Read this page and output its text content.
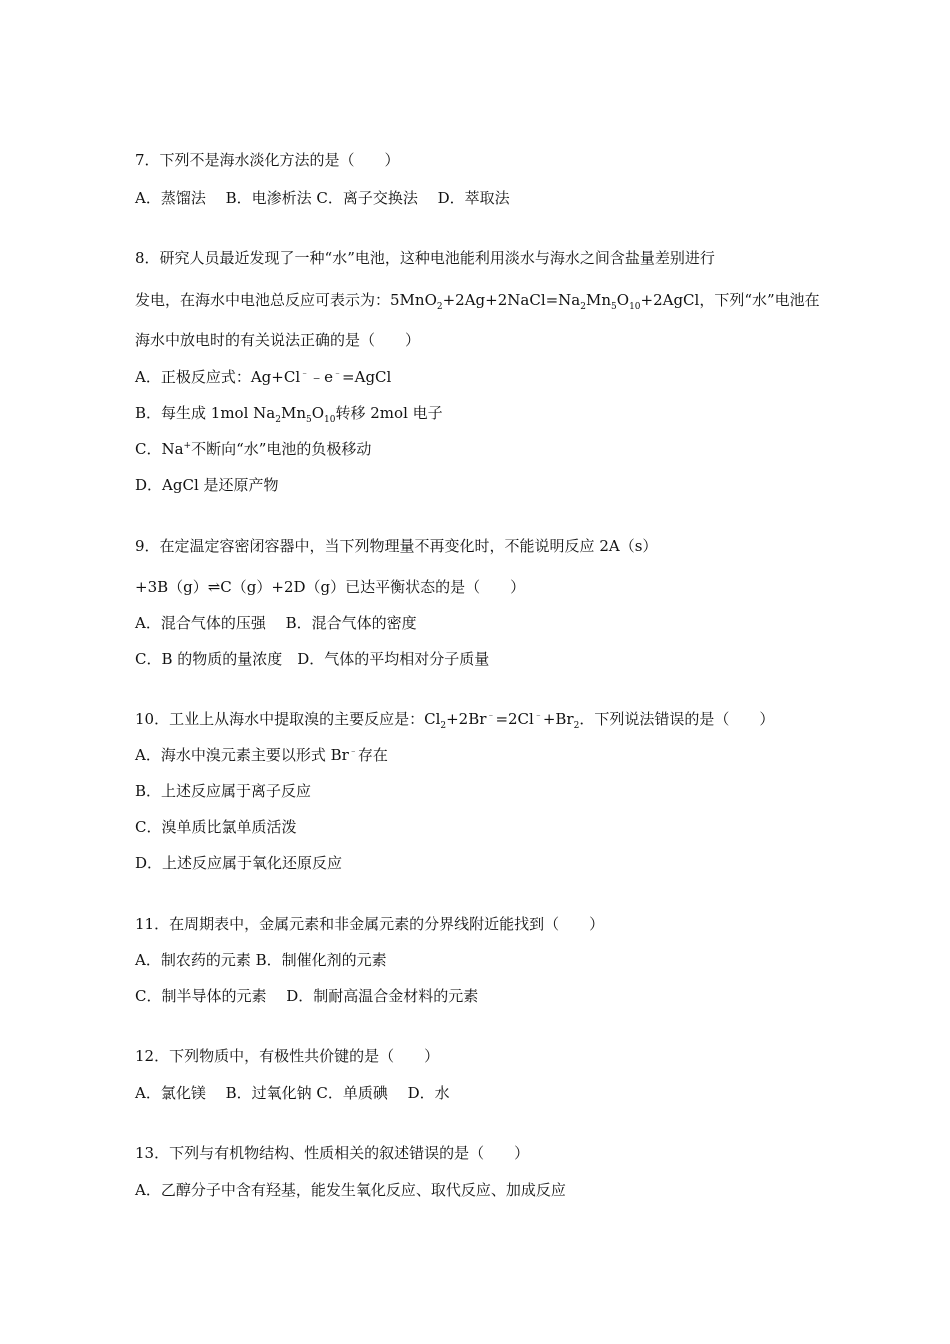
7．下列不是海水淡化方法的是（　　）
A．蒸馏法　 B．电渗析法 C．离子交换法　 D．萃取法
8．研究人员最近发现了一种“水”电池，这种电池能利用淡水与海水之间含盐量差别进行
发电，在海水中电池总反应可表示为：$5MnO_2+2Ag+2NaCl=Na_2Mn_5O_{10}+2AgCl$，下列“水”电池在
海水中放电时的有关说法正确的是（　　）
A．正极反应式：Ag+Cl﹣﹣e﹣=AgCl
B．每生成 1mol $Na_2Mn_5O_{10}$转移 2mol 电子
C．Na+不断向“水”电池的负极移动
D．AgCl 是还原产物
9．在定温定容密闭容器中，当下列物理量不再变化时，不能说明反应 2A（s）
+3B（g）⇌C（g）+2D（g）已达平衡状态的是（　　）
A．混合气体的压强　 B．混合气体的密度
C．B 的物质的量浓度　D．气体的平均相对分子质量
10．工业上从海水中提取溴的主要反应是：$Cl_2+2Br^﹣=2Cl^﹣+Br_2$．下列说法错误的是（　　）
A．海水中溴元素主要以形式 Br﹣存在
B．上述反应属于离子反应
C．溴单质比氯单质活泼
D．上述反应属于氧化还原反应
11．在周期表中，金属元素和非金属元素的分界线附近能找到（　　）
A．制农药的元素 B．制催化剂的元素
C．制半导体的元素　 D．制耐高温合金材料的元素
12．下列物质中，有极性共价键的是（　　）
A．氯化镁　 B．过氧化钠 C．单质碘　 D．水
13．下列与有机物结构、性质相关的叙述错误的是（　　）
A．乙醇分子中含有羟基，能发生氧化反应、取代反应、加成反应
